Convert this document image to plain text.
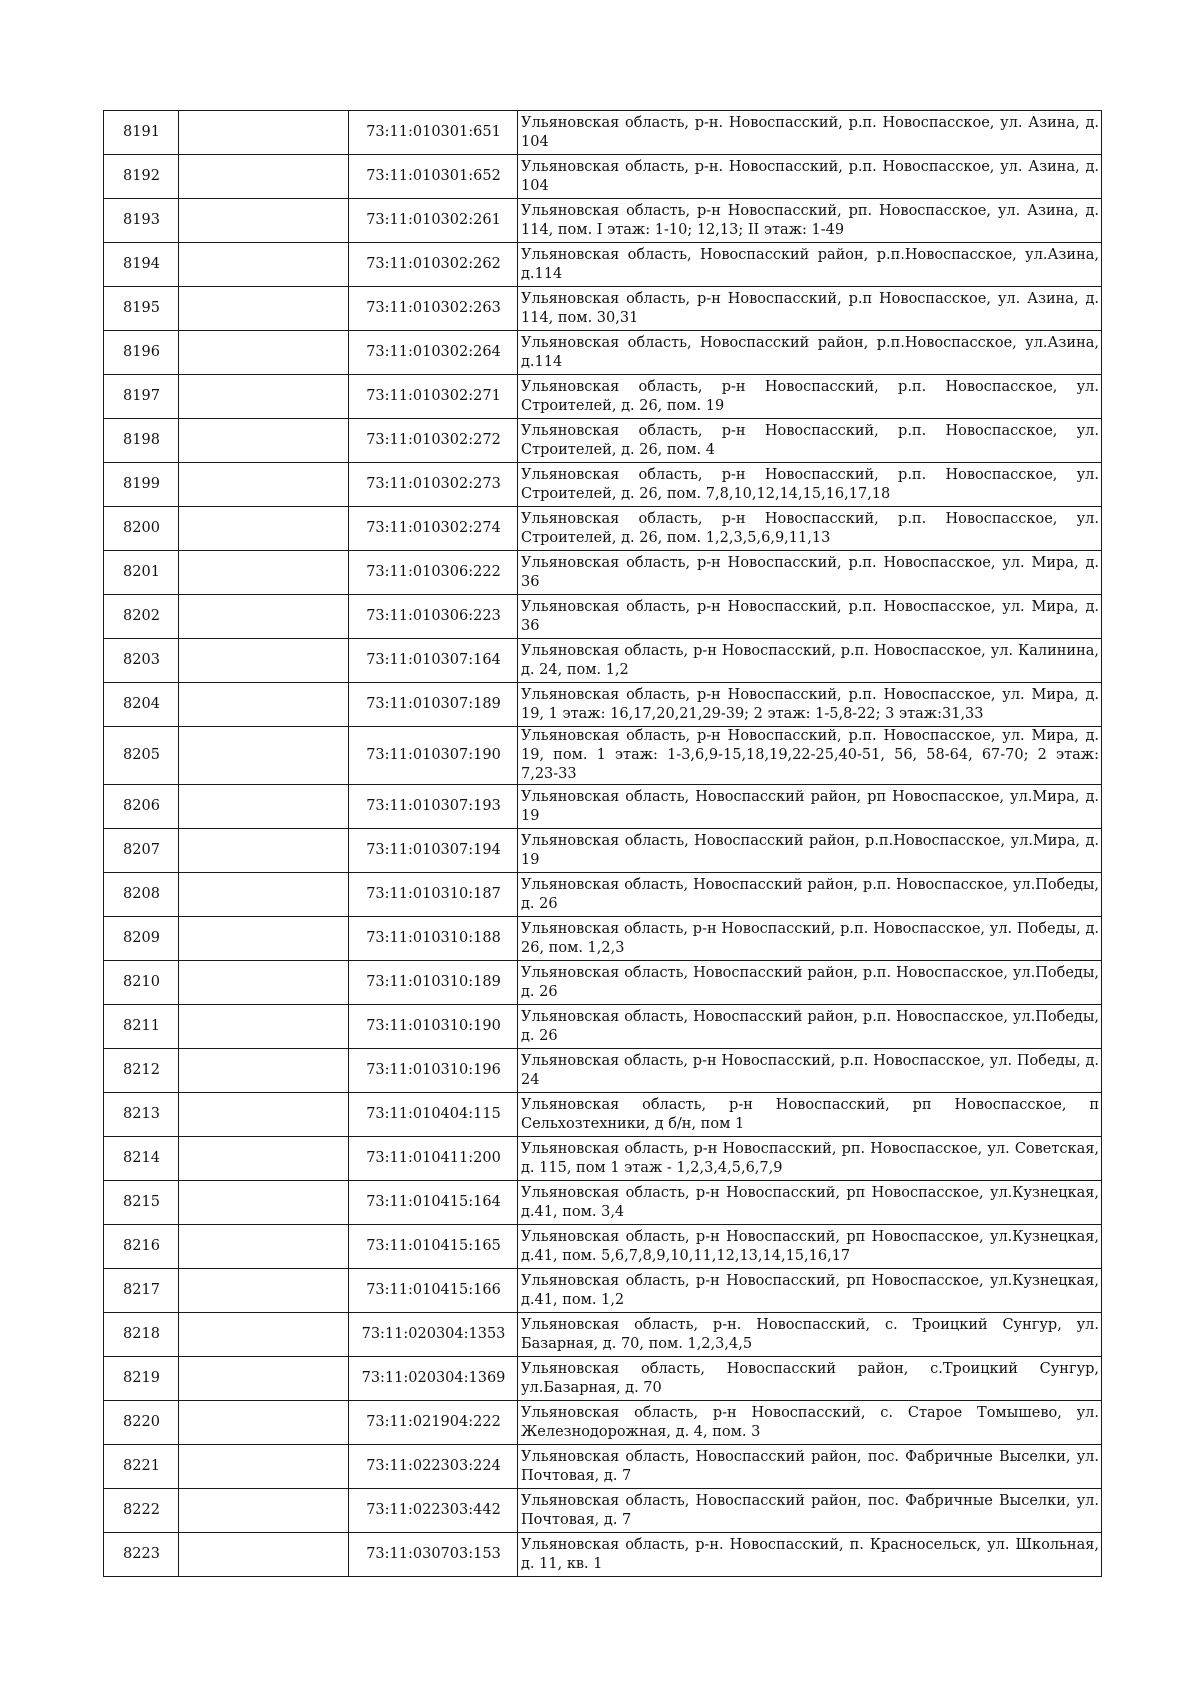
8191		73:11:010301:651	Ульяновская область, р-н. Новоспасский, р.п. Новоспасское, ул. Азина, д. 104
8192		73:11:010301:652	Ульяновская область, р-н. Новоспасский, р.п. Новоспасское, ул. Азина, д. 104
8193		73:11:010302:261	Ульяновская область, р-н Новоспасский, рп. Новоспасское, ул. Азина, д. 114, пом. I этаж: 1-10; 12,13; II этаж: 1-49
8194		73:11:010302:262	Ульяновская область, Новоспасский район, р.п.Новоспасское, ул.Азина, д.114
8195		73:11:010302:263	Ульяновская область, р-н Новоспасский, р.п Новоспасское, ул. Азина, д. 114, пом. 30,31
8196		73:11:010302:264	Ульяновская область, Новоспасский район, р.п.Новоспасское, ул.Азина, д.114
8197		73:11:010302:271	Ульяновская область, р-н Новоспасский, р.п. Новоспасское, ул. Строителей, д. 26, пом. 19
8198		73:11:010302:272	Ульяновская область, р-н Новоспасский, р.п. Новоспасское, ул. Строителей, д. 26, пом. 4
8199		73:11:010302:273	Ульяновская область, р-н Новоспасский, р.п. Новоспасское, ул. Строителей, д. 26, пом. 7,8,10,12,14,15,16,17,18
8200		73:11:010302:274	Ульяновская область, р-н Новоспасский, р.п. Новоспасское, ул. Строителей, д. 26, пом. 1,2,3,5,6,9,11,13
8201		73:11:010306:222	Ульяновская область, р-н Новоспасский, р.п. Новоспасское, ул. Мира, д. 36
8202		73:11:010306:223	Ульяновская область, р-н Новоспасский, р.п. Новоспасское, ул. Мира, д. 36
8203		73:11:010307:164	Ульяновская область, р-н Новоспасский, р.п. Новоспасское, ул. Калинина, д. 24, пом. 1,2
8204		73:11:010307:189	Ульяновская область, р-н Новоспасский, р.п. Новоспасское, ул. Мира, д. 19, 1 этаж: 16,17,20,21,29-39; 2 этаж: 1-5,8-22; 3 этаж:31,33
8205		73:11:010307:190	Ульяновская область, р-н Новоспасский, р.п. Новоспасское, ул. Мира, д. 19, пом. 1 этаж: 1-3,6,9-15,18,19,22-25,40-51, 56, 58-64, 67-70; 2 этаж: 7,23-33
8206		73:11:010307:193	Ульяновская область, Новоспасский район, рп Новоспасское, ул.Мира, д. 19
8207		73:11:010307:194	Ульяновская область, Новоспасский район, р.п.Новоспасское, ул.Мира, д. 19
8208		73:11:010310:187	Ульяновская область, Новоспасский район, р.п. Новоспасское, ул.Победы, д. 26
8209		73:11:010310:188	Ульяновская область, р-н Новоспасский, р.п. Новоспасское, ул. Победы, д. 26, пом. 1,2,3
8210		73:11:010310:189	Ульяновская область, Новоспасский район, р.п. Новоспасское, ул.Победы, д. 26
8211		73:11:010310:190	Ульяновская область, Новоспасский район, р.п. Новоспасское, ул.Победы, д. 26
8212		73:11:010310:196	Ульяновская область, р-н Новоспасский, р.п. Новоспасское, ул. Победы, д. 24
8213		73:11:010404:115	Ульяновская область, р-н Новоспасский, рп Новоспасское, п Сельхозтехники, д б/н, пом 1
8214		73:11:010411:200	Ульяновская область, р-н Новоспасский, рп. Новоспасское, ул. Советская, д. 115, пом 1 этаж - 1,2,3,4,5,6,7,9
8215		73:11:010415:164	Ульяновская область, р-н Новоспасский, рп Новоспасское, ул.Кузнецкая, д.41, пом. 3,4
8216		73:11:010415:165	Ульяновская область, р-н Новоспасский, рп Новоспасское, ул.Кузнецкая, д.41, пом. 5,6,7,8,9,10,11,12,13,14,15,16,17
8217		73:11:010415:166	Ульяновская область, р-н Новоспасский, рп Новоспасское, ул.Кузнецкая, д.41, пом. 1,2
8218		73:11:020304:1353	Ульяновская область, р-н. Новоспасский, с. Троицкий Сунгур, ул. Базарная, д. 70, пом. 1,2,3,4,5
8219		73:11:020304:1369	Ульяновская область, Новоспасский район, с.Троицкий Сунгур, ул.Базарная, д. 70
8220		73:11:021904:222	Ульяновская область, р-н Новоспасский, с. Старое Томышево, ул. Железнодорожная, д. 4, пом. 3
8221		73:11:022303:224	Ульяновская область, Новоспасский район, пос. Фабричные Выселки, ул. Почтовая, д. 7
8222		73:11:022303:442	Ульяновская область, Новоспасский район, пос. Фабричные Выселки, ул. Почтовая, д. 7
8223		73:11:030703:153	Ульяновская область, р-н. Новоспасский, п. Красносельск, ул. Школьная, д. 11, кв. 1
